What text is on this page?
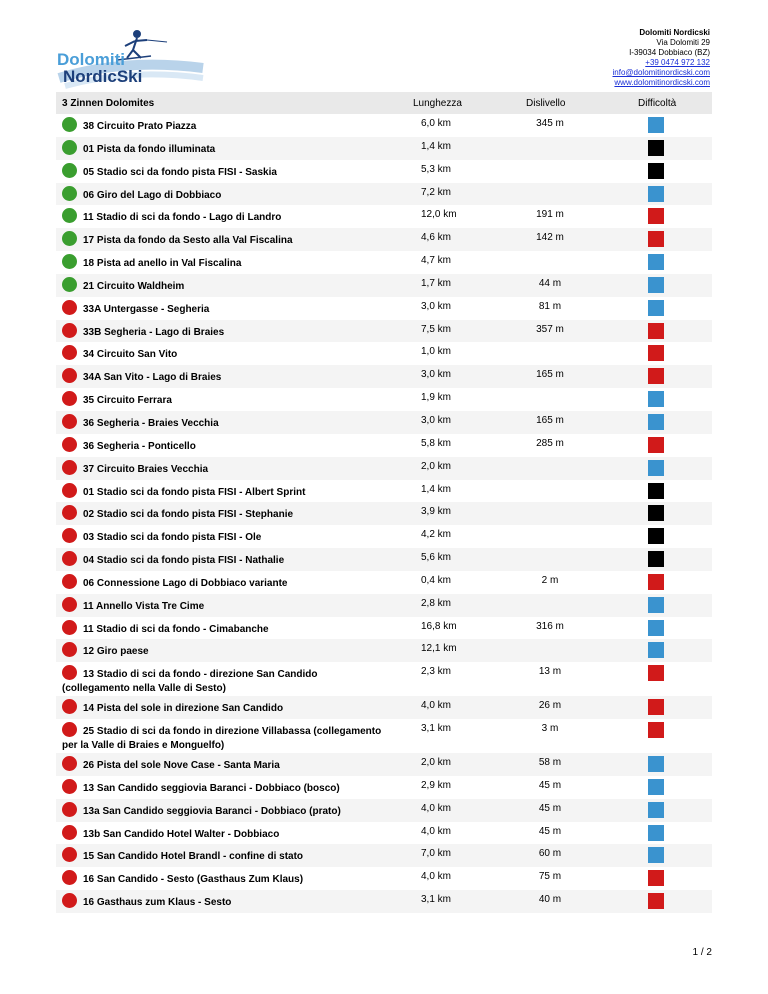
Dolomiti
NordicSki
Dolomiti Nordicski
Via Dolomiti 29
I-39034 Dobbiaco (BZ)
+39 0474 972 132
info@dolomitinordicski.com
www.dolomitinordicski.com
3 Zinnen Dolomites	Lunghezza	Dislivello	Difficoltà
38 Circuito Prato Piazza	6,0 km	345 m
01 Pista da fondo illuminata	1,4 km
05 Stadio sci da fondo pista FISI - Saskia	5,3 km
06 Giro del Lago di Dobbiaco	7,2 km
11 Stadio di sci da fondo - Lago di Landro	12,0 km	191 m
17 Pista da fondo da Sesto alla Val Fiscalina	4,6 km	142 m
18 Pista ad anello in Val Fiscalina	4,7 km
21 Circuito Waldheim	1,7 km	44 m
33A Untergasse - Segheria	3,0 km	81 m
33B Segheria - Lago di Braies	7,5 km	357 m
34 Circuito San Vito	1,0 km
34A San Vito - Lago di Braies	3,0 km	165 m
35 Circuito Ferrara	1,9 km
36 Segheria - Braies Vecchia	3,0 km	165 m
36 Segheria - Ponticello	5,8 km	285 m
37 Circuito Braies Vecchia	2,0 km
01 Stadio sci da fondo pista FISI - Albert Sprint	1,4 km
02 Stadio sci da fondo pista FISI - Stephanie	3,9 km
03 Stadio sci da fondo pista FISI - Ole	4,2 km
04 Stadio sci da fondo pista FISI - Nathalie	5,6 km
06 Connessione Lago di Dobbiaco variante	0,4 km	2 m
11 Annello Vista Tre Cime	2,8 km
11 Stadio di sci da fondo - Cimabanche	16,8 km	316 m
12 Giro paese	12,1 km
13 Stadio di sci da fondo - direzione San Candido (collegamento nella Valle di Sesto)
2,3 km	13 m
14 Pista del sole in direzione San Candido	4,0 km	26 m
25 Stadio di sci da fondo in direzione Villabassa (collegamento per la Valle di Braies e Monguelfo)
3,1 km	3 m
26 Pista del sole Nove Case - Santa Maria	2,0 km	58 m
13 San Candido seggiovia Baranci - Dobbiaco (bosco)	2,9 km	45 m
13a San Candido seggiovia Baranci - Dobbiaco (prato)	4,0 km	45 m
13b San Candido Hotel Walter - Dobbiaco	4,0 km	45 m
15 San Candido Hotel Brandl - confine di stato	7,0 km	60 m
16 San Candido - Sesto (Gasthaus Zum Klaus)	4,0 km	75 m
16 Gasthaus zum Klaus - Sesto	3,1 km	40 m
1 / 2
